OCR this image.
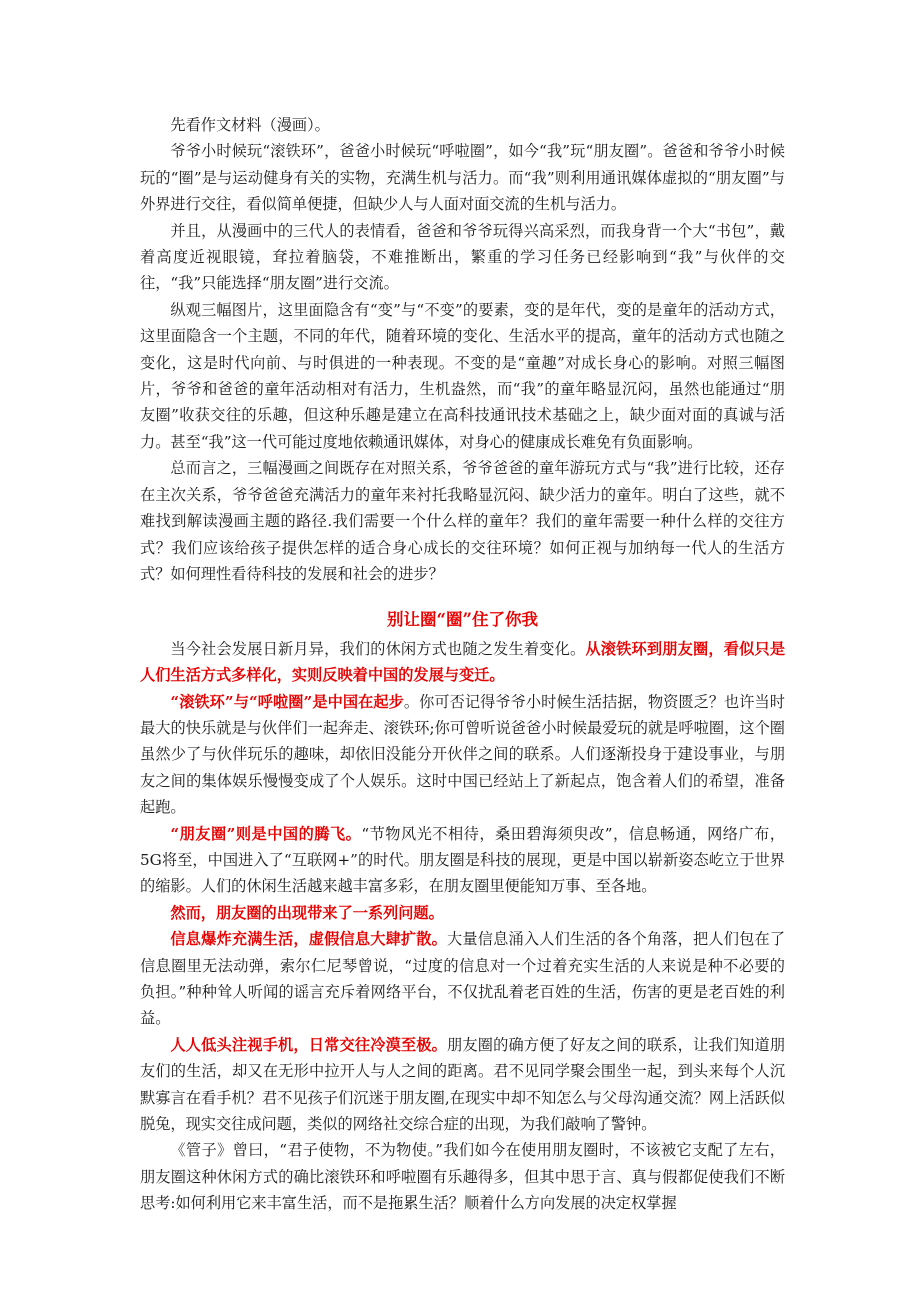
先看作文材料（漫画）。

爷爷小时候玩“滚铁环”，爸爸小时候玩“呼啦圈”，如今“我”玩“朋友圈”。爸爸和爷爷小时候玩的“圈”是与运动健身有关的实物，充满生机与活力。而“我”则利用通讯媒体虚拟的“朋友圈”与外界进行交往，看似简单便捷，但缺少人与人面对面交流的生机与活力。

并且，从漫画中的三代人的表情看，爸爸和爷爷玩得兴高采烈，而我身背一个大“书包”，戴着高度近视眼镜，耷拉着脑袋，不难推断出，繁重的学习任务已经影响到“我”与伙伴的交往，“我”只能选择“朋友圈”进行交流。

纵观三幅图片，这里面隐含有“变”与“不变”的要素，变的是年代，变的是童年的活动方式，这里面隐含一个主题，不同的年代，随着环境的变化、生活水平的提高，童年的活动方式也随之变化，这是时代向前、与时俱进的一种表现。不变的是“童趣”对成长身心的影响。对照三幅图片，爷爷和爸爸的童年活动相对有活力，生机盎然，而“我”的童年略显沉闷，虽然也能通过“朋友圈”收获交往的乐趣，但这种乐趣是建立在高科技通讯技术基础之上，缺少面对面的真诚与活力。甚至“我”这一代可能过度地依赖通讯媒体，对身心的健康成长难免有负面影响。

总而言之，三幅漫画之间既存在对照关系，爷爷爸爸的童年游玩方式与“我”进行比较，还存在主次关系，爷爷爸爸充满活力的童年来衬托我略显沉闷、缺少活力的童年。明白了这些，就不难找到解读漫画主题的路径.我们需要一个什么样的童年？我们的童年需要一种什么样的交往方式？我们应该给孩子提供怎样的适合身心成长的交往环境？如何正视与加纳每一代人的生活方式？如何理性看待科技的发展和社会的进步？

别让圈“圈”住了你我

当今社会发展日新月异，我们的休闲方式也随之发生着变化。从滚铁环到朋友圈，看似只是人们生活方式多样化，实则反映着中国的发展与变迁。

“滚铁环”与“呼啦圈”是中国在起步。你可否记得爷爷小时候生活拮据，物资匮乏？也许当时最大的快乐就是与伙伴们一起奔走、滚铁环;你可曾听说爸爸小时候最爱玩的就是呼啦圈，这个圈虽然少了与伙伴玩乐的趣味，却依旧没能分开伙伴之间的联系。人们逐渐投身于建设事业，与朋友之间的集体娱乐慢慢变成了个人娱乐。这时中国已经站上了新起点，饱含着人们的希望，准备起跑。

“朋友圈”则是中国的腾飞。“节物风光不相待，桑田碧海须臾改”，信息畅通，网络广布，5G将至，中国进入了“互联网+”的时代。朋友圈是科技的展现，更是中国以崭新姿态屹立于世界的缩影。人们的休闲生活越来越丰富多彩，在朋友圈里便能知万事、至各地。

然而，朋友圈的出现带来了一系列问题。

信息爆炸充满生活，虚假信息大肆扩散。大量信息涌入人们生活的各个角落，把人们包在了信息圈里无法动弹，索尔仁尼琴曾说，“过度的信息对一个过着充实生活的人来说是种不必要的负担。”种种耸人听闻的谣言充斥着网络平台，不仅扰乱着老百姓的生活，伤害的更是老百姓的利益。

人人低头注视手机，日常交往冷漠至极。朋友圈的确方便了好友之间的联系，让我们知道朋友们的生活，却又在无形中拉开人与人之间的距离。君不见同学聚会围坐一起，到头来每个人沉默寡言在看手机？君不见孩子们沉迷于朋友圈,在现实中却不知怎么与父母沟通交流？网上活跃似脱兔，现实交往成问题，类似的网络社交综合症的出现，为我们敲响了警钟。

《管子》曾曰，“君子使物，不为物使。”我们如今在使用朋友圈时，不该被它支配了左右，朋友圈这种休闲方式的确比滚铁环和呼啦圈有乐趣得多，但其中思于言、真与假都促使我们不断思考:如何利用它来丰富生活，而不是拖累生活？顺着什么方向发展的决定权掌握
